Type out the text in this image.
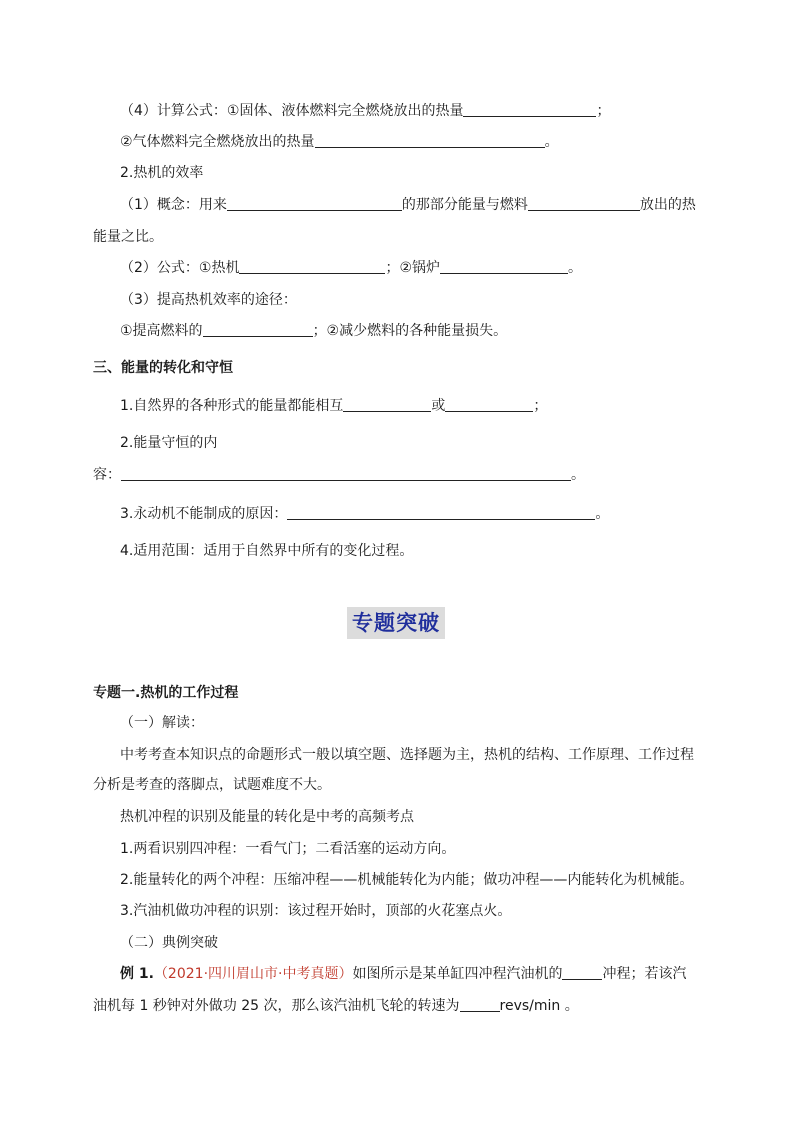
（4）计算公式：①固体、液体燃料完全燃烧放出的热量	；
②气体燃料完全燃烧放出的热量	。
2.热机的效率
（1）概念：用来	的那部分能量与燃料	放出的热
能量之比。
（2）公式：①热机	；②锅炉	。
（3）提高热机效率的途径：
①提高燃料的	；②减少燃料的各种能量损失。
三、能量的转化和守恒
1.自然界的各种形式的能量都能相互	或	；
2.能量守恒的内
容：	。
3.永动机不能制成的原因：	。
4.适用范围：适用于自然界中所有的变化过程。
专题突破
专题一.热机的工作过程
（一）解读：
中考考查本知识点的命题形式一般以填空题、选择题为主，热机的结构、工作原理、工作过程
分析是考查的落脚点，试题难度不大。
热机冲程的识别及能量的转化是中考的高频考点
1.两看识别四冲程：一看气门；二看活塞的运动方向。
2.能量转化的两个冲程：压缩冲程——机械能转化为内能；做功冲程——内能转化为机械能。
3.汽油机做功冲程的识别：该过程开始时，顶部的火花塞点火。
（二）典例突破
例 1.（2021·四川眉山市·中考真题）如图所示是某单缸四冲程汽油机的	冲程；若该汽
油机每 1 秒钟对外做功 25 次，那么该汽油机飞轮的转速为	revs/min 。
